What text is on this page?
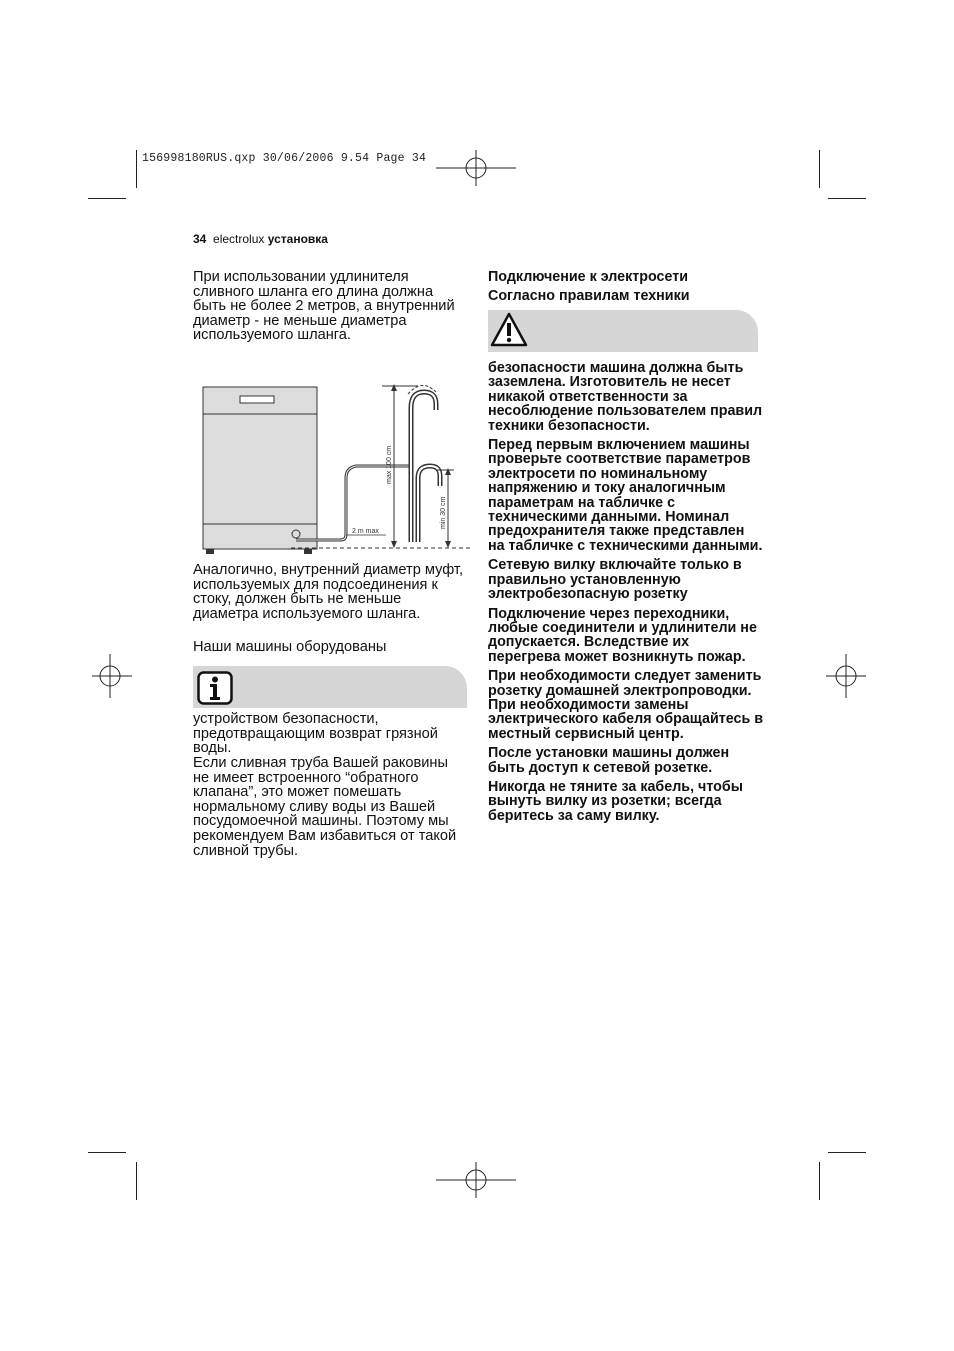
156998180RUS.qxp 30/06/2006 9.54 Page 34
34 electrolux установка

При использовании удлинителя сливного шланга его длина должна быть не более 2 метров, а внутренний диаметр - не меньше диаметра используемого шланга.

2 m max
max 100 cm
min 30 cm

Аналогично, внутренний диаметр муфт, используемых для подсоединения к стоку, должен быть не меньше диаметра используемого шланга.

Наши машины оборудованы

устройством безопасности, предотвращающим возврат грязной воды.

Если сливная труба Вашей раковины не имеет встроенного “обратного клапана”, это может помешать нормальному сливу воды из Вашей посудомоечной машины. Поэтому мы рекомендуем Вам избавиться от такой сливной трубы.

Подключение к электросети

Согласно правилам техники

безопасности машина должна быть заземлена. Изготовитель не несет никакой ответственности за несоблюдение пользователем правил техники безопасности.

Перед первым включением машины проверьте соответствие параметров электросети по номинальному напряжению и току аналогичным параметрам на табличке с техническими данными. Номинал предохранителя также представлен на табличке с техническими данными.

Сетевую вилку включайте только в правильно установленную электробезопасную розетку

Подключение через переходники, любые соединители и удлинители не допускается. Вследствие их перегрева может возникнуть пожар.

При необходимости следует заменить розетку домашней электропроводки. При необходимости замены электрического кабеля обращайтесь в местный сервисный центр.

После установки машины должен быть доступ к сетевой розетке.

Никогда не тяните за кабель, чтобы вынуть вилку из розетки; всегда беритесь за саму вилку.
